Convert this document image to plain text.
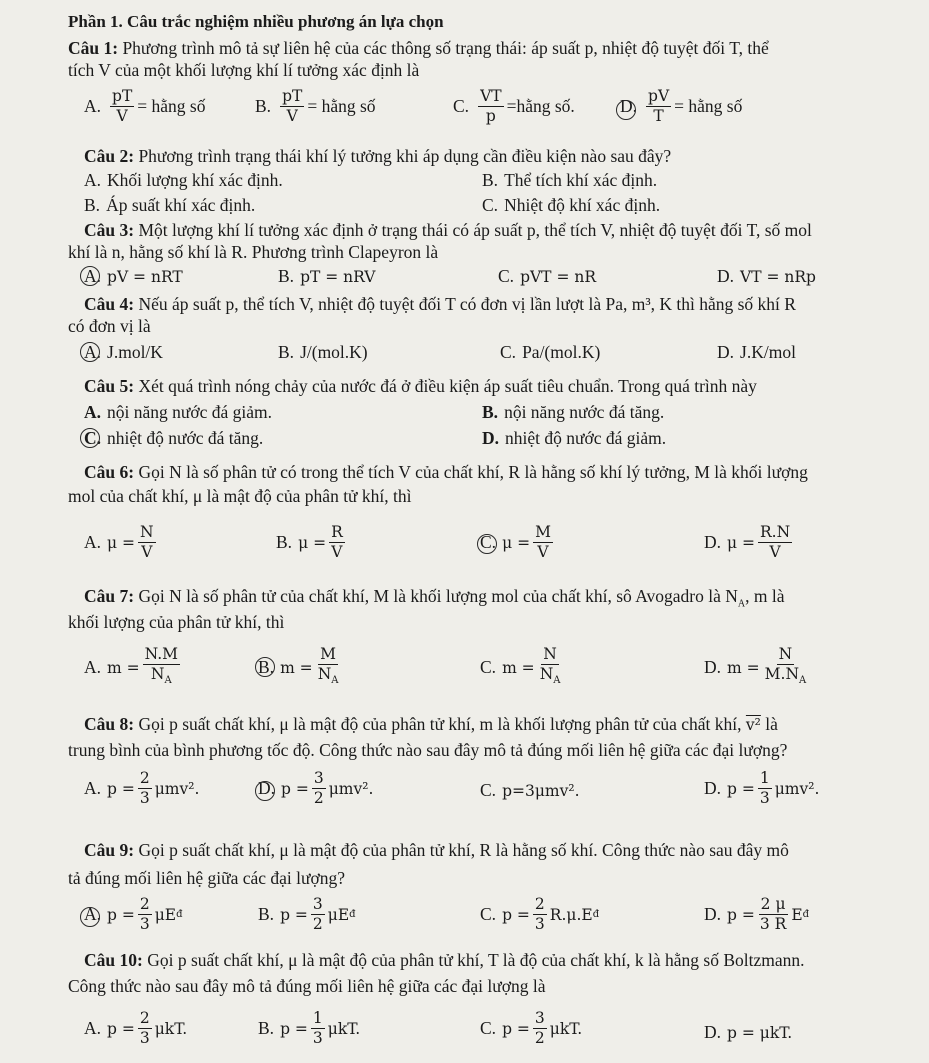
Phần 1. Câu trắc nghiệm nhiều phương án lựa chọn
Câu 1: Phương trình mô tả sự liên hệ của các thông số trạng thái: áp suất p, nhiệt độ tuyệt đối T, thể
tích V của một khối lượng khí lí tưởng xác định là
A. $\frac{pT}{V}$ = hằng số	B. $\frac{pT}{V}$ = hằng số	C. $\frac{VT}{p}$ =hằng số.	D. $\frac{pV}{T}$ = hằng số
Câu 2: Phương trình trạng thái khí lý tưởng khi áp dụng cần điều kiện nào sau đây?
A. Khối lượng khí xác định.	B. Thể tích khí xác định.
B. Áp suất khí xác định.	C. Nhiệt độ khí xác định.
Câu 3: Một lượng khí lí tưởng xác định ở trạng thái có áp suất p, thể tích V, nhiệt độ tuyệt đối T, số mol
khí là n, hằng số khí là R. Phương trình Clapeyron là
A. pV = nRT	B. pT = nRV	C. pVT = nR	D. VT = nRp
Câu 4: Nếu áp suất p, thể tích V, nhiệt độ tuyệt đối T có đơn vị lần lượt là Pa, m³, K thì hằng số khí R
có đơn vị là
A. J.mol/K	B. J/(mol.K)	C. Pa/(mol.K)	D. J.K/mol
Câu 5: Xét quá trình nóng chảy của nước đá ở điều kiện áp suất tiêu chuẩn. Trong quá trình này
A. nội năng nước đá giảm.	B. nội năng nước đá tăng.
C. nhiệt độ nước đá tăng.	D. nhiệt độ nước đá giảm.
Câu 6: Gọi N là số phân tử có trong thể tích V của chất khí, R là hằng số khí lý tưởng, M là khối lượng
mol của chất khí, μ là mật độ của phân tử khí, thì
A. $\mu = \frac{N}{V}$	B. $\mu = \frac{R}{V}$	C. $\mu = \frac{M}{V}$	D. $\mu = \frac{R.N}{V}$
Câu 7: Gọi N là số phân tử của chất khí, M là khối lượng mol của chất khí, sô Avogadro là $N_A$, m là
khối lượng của phân tử khí, thì
A. $m = \frac{N.M}{N_A}$	B. $m = \frac{M}{N_A}$	C. $m = \frac{N}{N_A}$	D. $m = \frac{N}{M.N_A}$
Câu 8: Gọi p suất chất khí, μ là mật độ của phân tử khí, m là khối lượng phân tử của chất khí, v² là
trung bình của bình phương tốc độ. Công thức nào sau đây mô tả đúng mối liên hệ giữa các đại lượng?
A. $p = \frac{2}{3} \mu mv^2$.	D. $p = \frac{3}{2} \mu mv^2$.	C. p=3μmv².	D. $p = \frac{1}{3} \mu mv^2$.
Câu 9: Gọi p suất chất khí, μ là mật độ của phân tử khí, R là hằng số khí. Công thức nào sau đây mô
tả đúng mối liên hệ giữa các đại lượng?
A. $p = \frac{2}{3}$ μE đ	B. $p = \frac{3}{2}$ μE đ	C. $p = \frac{2}{3} R.\mu.E$ đ	D. $p = \frac{2 \mu}{3 R}$ E đ
Câu 10: Gọi p suất chất khí, μ là mật độ của phân tử khí, T là độ của chất khí, k là hằng số Boltzmann.
Công thức nào sau đây mô tả đúng mối liên hệ giữa các đại lượng là
A. $p = \frac{2}{3} \mu kT$.	B. $p = \frac{1}{3} \mu kT$.	C. $p = \frac{3}{2} \mu kT$.	D. p = μkT.
